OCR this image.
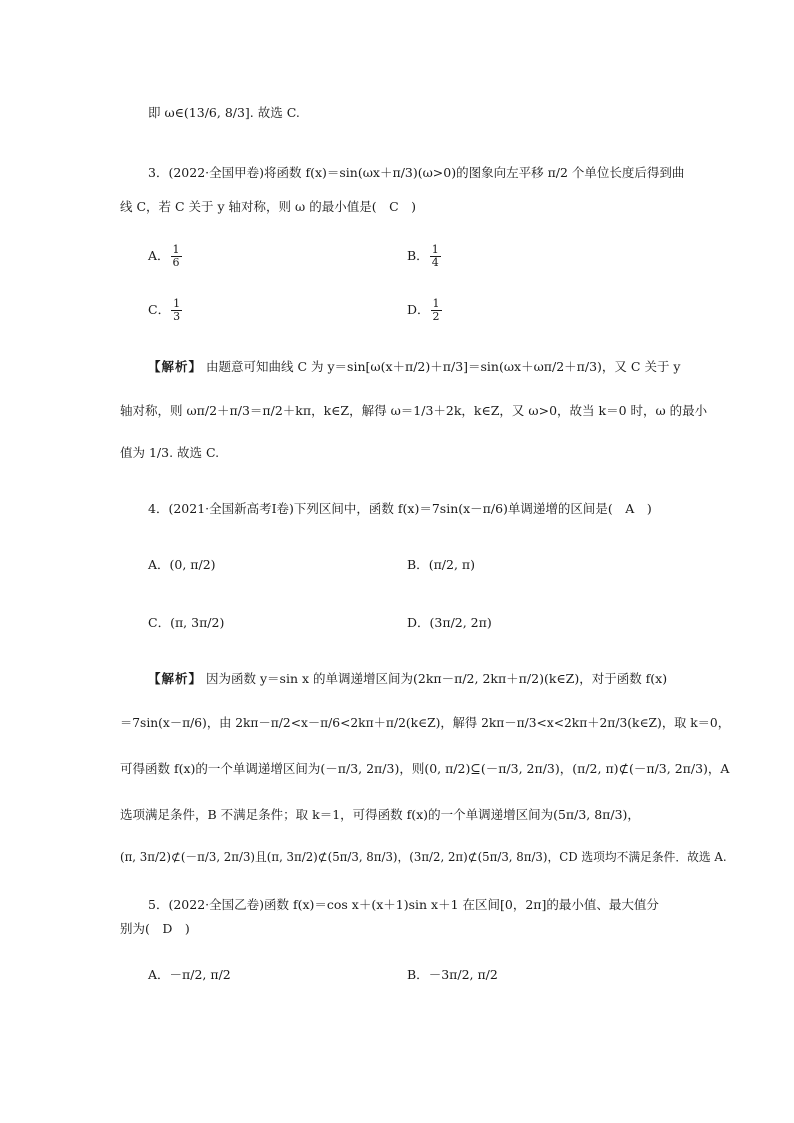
即 ω∈(13/6, 8/3]. 故选 C.
3．(2022·全国甲卷)将函数 f(x)＝sin(ωx＋π/3)(ω>0)的图象向左平移 π/2 个单位长度后得到曲
线 C，若 C 关于 y 轴对称，则 ω 的最小值是(　C　)
A． $\frac{1}{6}$	B． $\frac{1}{4}$
C． $\frac{1}{3}$	D． $\frac{1}{2}$
【解析】 由题意可知曲线 C 为 y＝sin[ω(x＋π/2)＋π/3]＝sin(ωx＋ωπ/2＋π/3)，又 C 关于 y
轴对称，则 ωπ/2＋π/3＝π/2＋kπ，k∈Z，解得 ω＝1/3＋2k，k∈Z，又 ω>0，故当 k＝0 时，ω 的最小
值为 1/3. 故选 C.
4．(2021·全国新高考Ⅰ卷)下列区间中，函数 f(x)＝7sin(x－π/6)单调递增的区间是(　A　)
A．(0, π/2)	B．(π/2, π)
C．(π, 3π/2)	D．(3π/2, 2π)
【解析】 因为函数 y＝sin x 的单调递增区间为(2kπ－π/2, 2kπ＋π/2)(k∈Z)，对于函数 f(x)
＝7sin(x－π/6)，由 2kπ－π/2<x－π/6<2kπ＋π/2(k∈Z)，解得 2kπ－π/3<x<2kπ＋2π/3(k∈Z)，取 k＝0，
可得函数 f(x)的一个单调递增区间为(－π/3, 2π/3)，则(0, π/2)⊆(－π/3, 2π/3)，(π/2, π)⊄(－π/3, 2π/3)，A
选项满足条件，B 不满足条件；取 k＝1，可得函数 f(x)的一个单调递增区间为(5π/3, 8π/3)，
(π, 3π/2)⊄(－π/3, 2π/3)且(π, 3π/2)⊄(5π/3, 8π/3)，(3π/2, 2π)⊄(5π/3, 8π/3)，CD 选项均不满足条件．故选 A.
5．(2022·全国乙卷)函数 f(x)＝cos x＋(x＋1)sin x＋1 在区间[0，2π]的最小值、最大值分
别为(　D　)
A．－π/2, π/2	B．－3π/2, π/2
